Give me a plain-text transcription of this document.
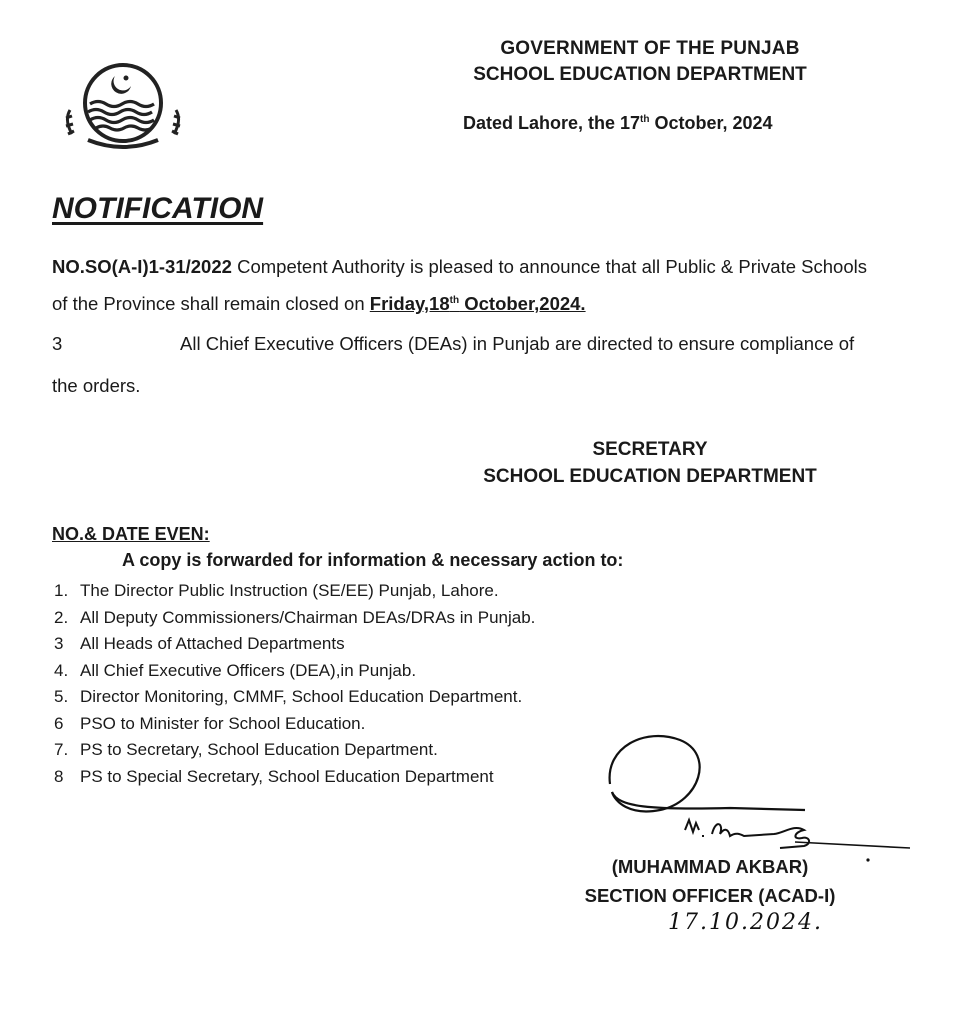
GOVERNMENT OF THE PUNJAB
SCHOOL EDUCATION DEPARTMENT
Dated Lahore, the 17th October, 2024
NOTIFICATION
NO.SO(A-I)1-31/2022 Competent Authority is pleased to announce that all Public & Private Schools of the Province shall remain closed on Friday,18th October,2024.
3	All Chief Executive Officers (DEAs) in Punjab are directed to ensure compliance of the orders.
SECRETARY
SCHOOL EDUCATION DEPARTMENT
NO.& DATE EVEN:
A copy is forwarded for information & necessary action to:
1. The Director Public Instruction (SE/EE) Punjab, Lahore.
2. All Deputy Commissioners/Chairman DEAs/DRAs in Punjab.
3 All Heads of Attached Departments
4. All Chief Executive Officers (DEA),in Punjab.
5. Director Monitoring, CMMF, School Education Department.
6 PSO to Minister for School Education.
7. PS to Secretary, School Education Department.
8 PS to Special Secretary, School Education Department
(MUHAMMAD AKBAR)
SECTION OFFICER (ACAD-I)
17.10.2024.
